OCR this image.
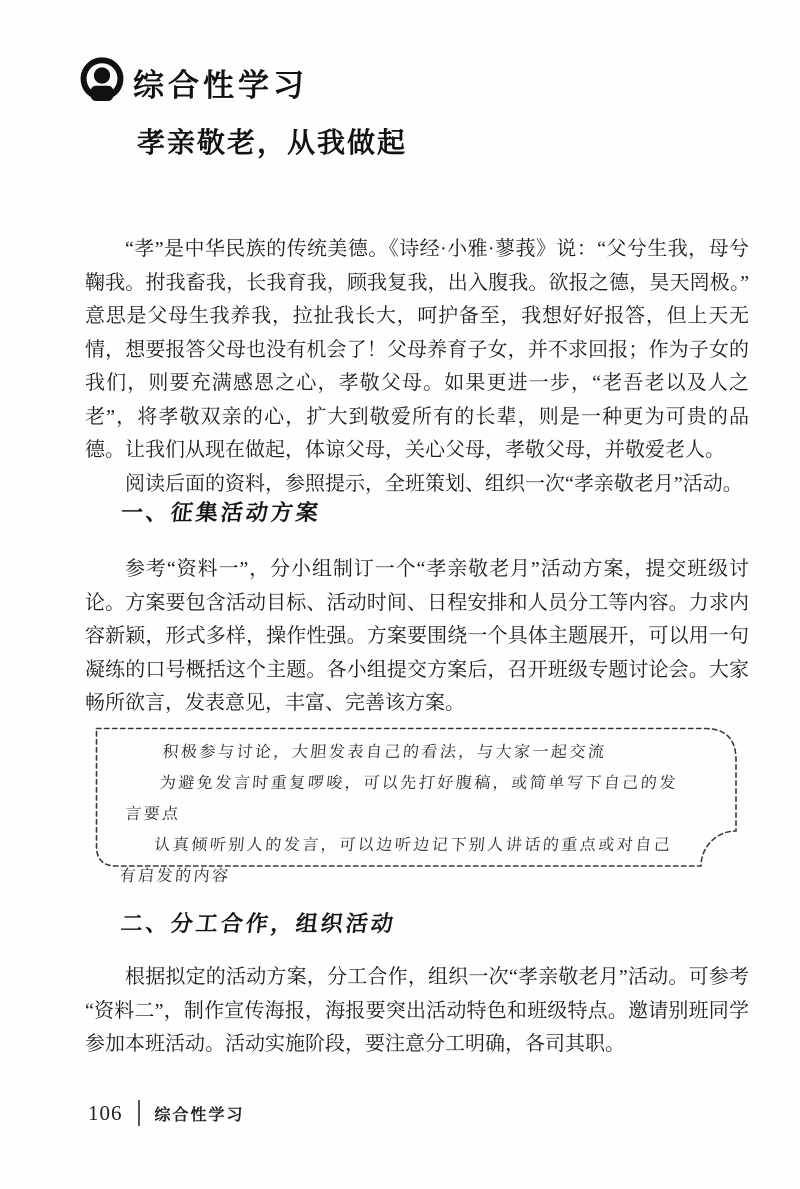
综合性学习
孝亲敬老，从我做起

“孝”是中华民族的传统美德。《诗经·小雅·蓼莪》说：“父兮生我，母兮鞠我。拊我畜我，长我育我，顾我复我，出入腹我。欲报之德，昊天罔极。”意思是父母生我养我，拉扯我长大，呵护备至，我想好好报答，但上天无情，想要报答父母也没有机会了！父母养育子女，并不求回报；作为子女的我们，则要充满感恩之心，孝敬父母。如果更进一步，“老吾老以及人之老”，将孝敬双亲的心，扩大到敬爱所有的长辈，则是一种更为可贵的品德。让我们从现在做起，体谅父母，关心父母，孝敬父母，并敬爱老人。

阅读后面的资料，参照提示，全班策划、组织一次“孝亲敬老月”活动。

一、征集活动方案

参考“资料一”，分小组制订一个“孝亲敬老月”活动方案，提交班级讨论。方案要包含活动目标、活动时间、日程安排和人员分工等内容。力求内容新颖，形式多样，操作性强。方案要围绕一个具体主题展开，可以用一句凝练的口号概括这个主题。各小组提交方案后，召开班级专题讨论会。大家畅所欲言，发表意见，丰富、完善该方案。

积极参与讨论，大胆发表自己的看法，与大家一起交流

为避免发言时重复啰唆，可以先打好腹稿，或简单写下自己的发言要点

认真倾听别人的发言，可以边听边记下别人讲话的重点或对自己有启发的内容

二、分工合作，组织活动

根据拟定的活动方案，分工合作，组织一次“孝亲敬老月”活动。可参考“资料二”，制作宣传海报，海报要突出活动特色和班级特点。邀请别班同学参加本班活动。活动实施阶段，要注意分工明确，各司其职。

106 综合性学习
